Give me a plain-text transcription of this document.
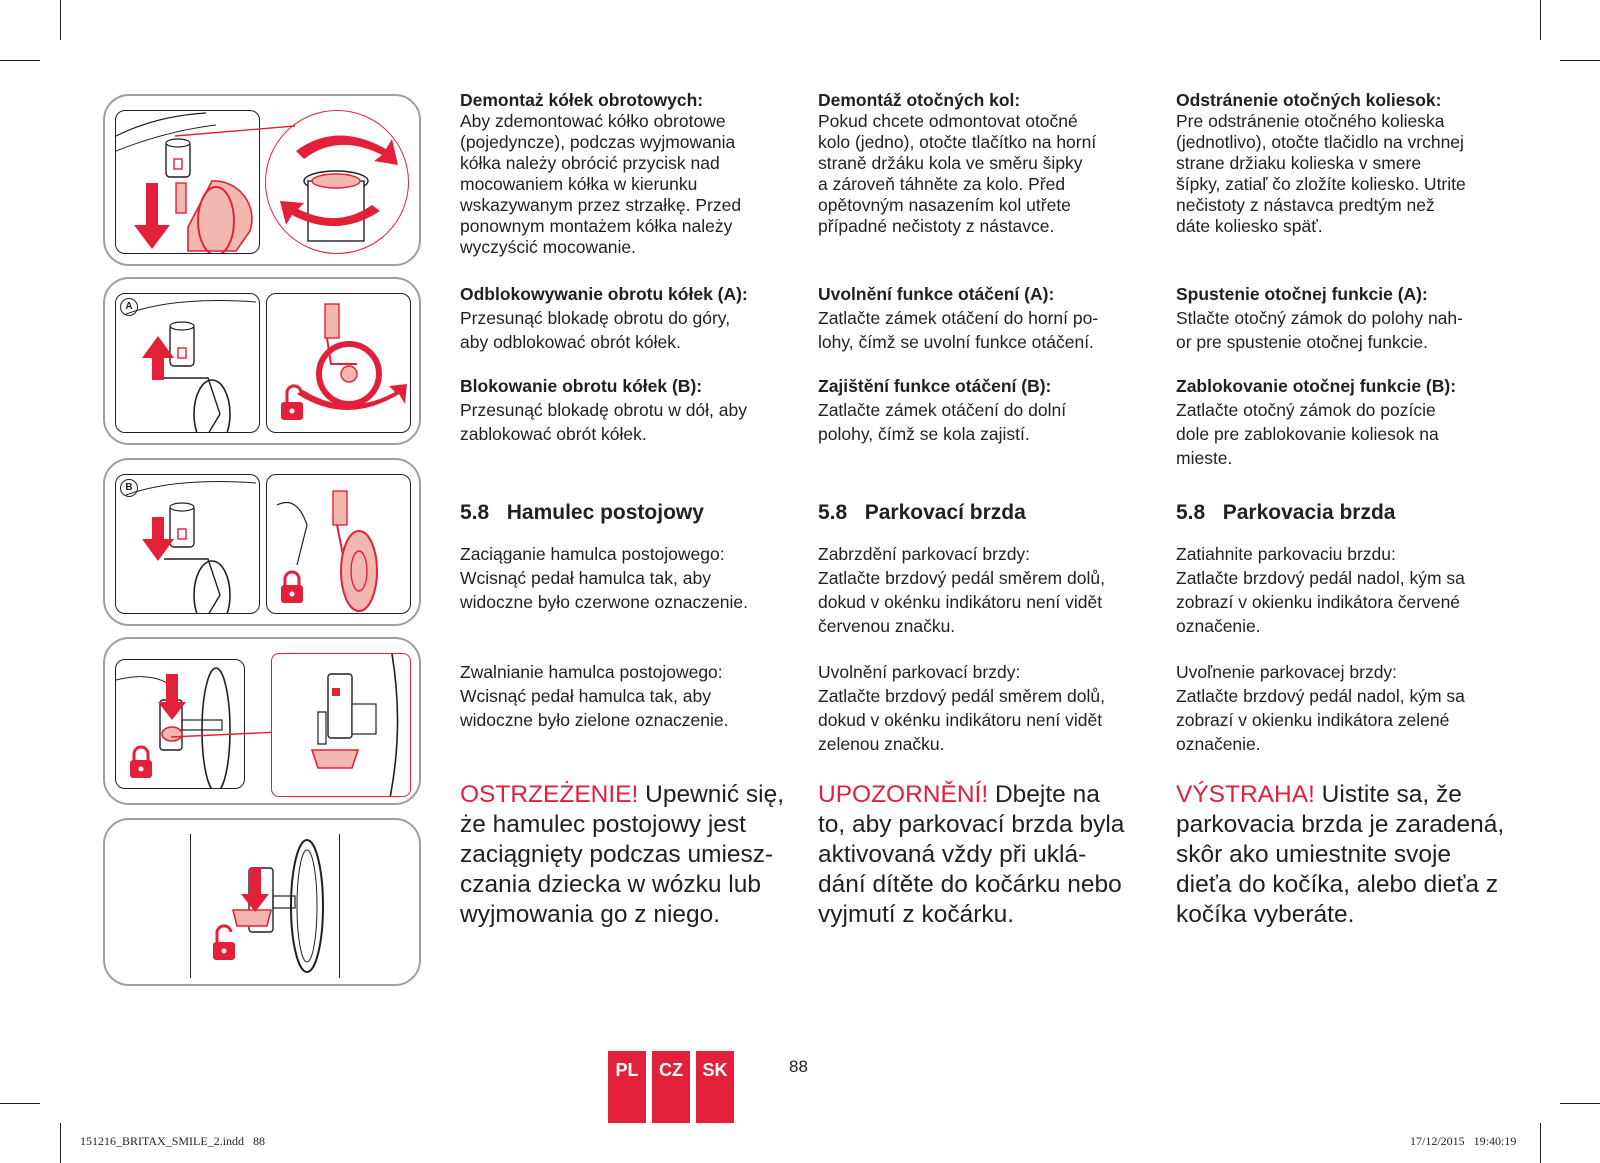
A
B
Demontaż kółek obrotowych:
Aby zdemontować kółko obrotowe
(pojedyncze), podczas wyjmowania
kółka należy obrócić przycisk nad
mocowaniem kółka w kierunku
wskazywanym przez strzałkę. Przed
ponownym montażem kółka należy
wyczyścić mocowanie.
Odblokowywanie obrotu kółek (A):
Przesunąć blokadę obrotu do góry,
aby odblokować obrót kółek.
Blokowanie obrotu kółek (B):
Przesunąć blokadę obrotu w dół, aby
zablokować obrót kółek.
5.8 Hamulec postojowy
Zaciąganie hamulca postojowego:
Wcisnąć pedał hamulca tak, aby
widoczne było czerwone oznaczenie.
Zwalnianie hamulca postojowego:
Wcisnąć pedał hamulca tak, aby
widoczne było zielone oznaczenie.
OSTRZEŻENIE! Upewnić się, że hamulec postojowy jest zaciągnięty podczas umiesz-czania dziecka w wózku lub wyjmowania go z niego.
Demontáž otočných kol:
Pokud chcete odmontovat otočné
kolo (jedno), otočte tlačítko na horní
straně držáku kola ve směru šipky
a zároveň táhněte za kolo. Před
opětovným nasazením kol utřete
případné nečistoty z nástavce.
Uvolnění funkce otáčení (A):
Zatlačte zámek otáčení do horní po-
lohy, čímž se uvolní funkce otáčení.
Zajištění funkce otáčení (B):
Zatlačte zámek otáčení do dolní
polohy, čímž se kola zajistí.
5.8 Parkovací brzda
Zabrzdění parkovací brzdy:
Zatlačte brzdový pedál směrem dolů,
dokud v okénku indikátoru není vidět
červenou značku.
Uvolnění parkovací brzdy:
Zatlačte brzdový pedál směrem dolů,
dokud v okénku indikátoru není vidět
zelenou značku.
UPOZORNĚNÍ! Dbejte na to, aby parkovací brzda byla aktivovaná vždy při uklá-dání dítěte do kočárku nebo vyjmutí z kočárku.
Odstránenie otočných koliesok:
Pre odstránenie otočného kolieska
(jednotlivo), otočte tlačidlo na vrchnej
strane držiaku kolieska v smere
šípky, zatiaľ čo zložíte koliesko. Utrite
nečistoty z nástavca predtým než
dáte koliesko späť.
Spustenie otočnej funkcie (A):
Stlačte otočný zámok do polohy nah-
or pre spustenie otočnej funkcie.
Zablokovanie otočnej funkcie (B):
Zatlačte otočný zámok do pozície
dole pre zablokovanie koliesok na
mieste.
5.8 Parkovacia brzda
Zatiahnite parkovaciu brzdu:
Zatlačte brzdový pedál nadol, kým sa
zobrazí v okienku indikátora červené
označenie.
Uvoľnenie parkovacej brzdy:
Zatlačte brzdový pedál nadol, kým sa
zobrazí v okienku indikátora zelené
označenie.
VÝSTRAHA! Uistite sa, že parkovacia brzda je zaradená, skôr ako umiestnite svoje dieťa do kočíka, alebo dieťa z kočíka vyberáte.
PL	CZ	SK	88
151216_BRITAX_SMILE_2.indd   88	17/12/2015   19:40:19
